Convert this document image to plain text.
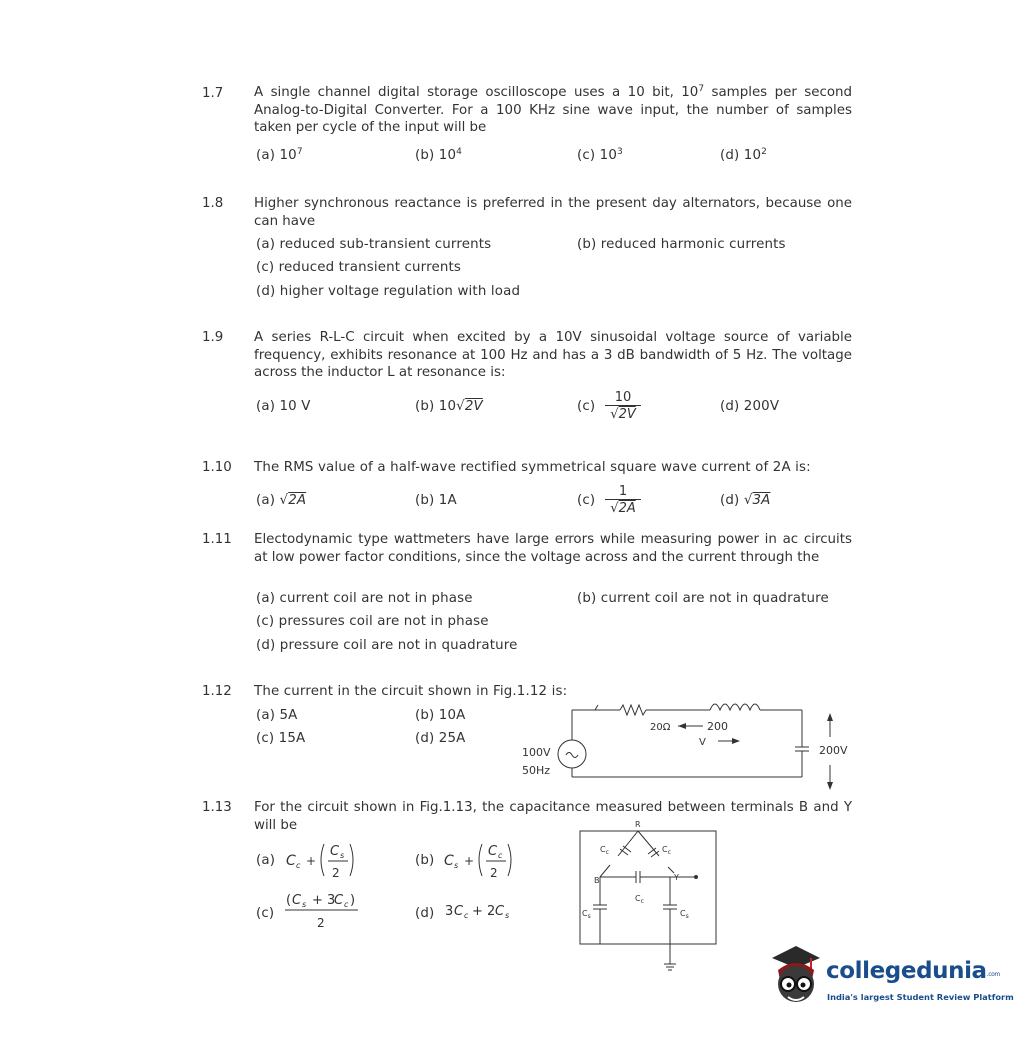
1.7 A single channel digital storage oscilloscope uses a 10 bit, $10^7$ samples per second Analog-to-Digital Converter. For a 100 KHz sine wave input, the number of samples taken per cycle of the input will be
(a) $10^7$	(b) $10^4$	(c) $10^3$	(d) $10^2$
1.8 Higher synchronous reactance is preferred in the present day alternators, because one can have
(a) reduced sub-transient currents	(b) reduced harmonic currents
(c) reduced transient currents
(d) higher voltage regulation with load
1.9 A series R-L-C circuit when excited by a 10V sinusoidal voltage source of variable frequency, exhibits resonance at 100 Hz and has a 3 dB bandwidth of 5 Hz. The voltage across the inductor L at resonance is:
(a) 10 V	(b) 10√2V	$(c) \frac{10}{√2V}$	(d) 200V
1.10 The RMS value of a half-wave rectified symmetrical square wave current of 2A is:
(a) √2A	(b) 1A	$(c) \frac{1}{√2A}$	(d) √3A
1.11 Electodynamic type wattmeters have large errors while measuring power in ac circuits at low power factor conditions, since the voltage across and the current through the
(a) current coil are not in phase	(b) current coil are not in quadrature
(c) pressures coil are not in phase
(d) pressure coil are not in quadrature
1.12 The current in the circuit shown in Fig.1.12 is:
(a) 5A	(b) 10A
(c) 15A	(d) 25A
20Ω	200
V
200V
100V
50Hz
1.13 For the circuit shown in Fig.1.13, the capacitance measured between terminals B and Y will be
(a) C c +
C s
2
(b) C s +
C c
2
(c)
( C s + 3
C c )
2
(d) 3 C c + 2 C s
R
B	Y
$C_c$	$C_c$
$C_c$
$C_s$	$C_s$
collegedunia.com
India's largest Student Review Platform
